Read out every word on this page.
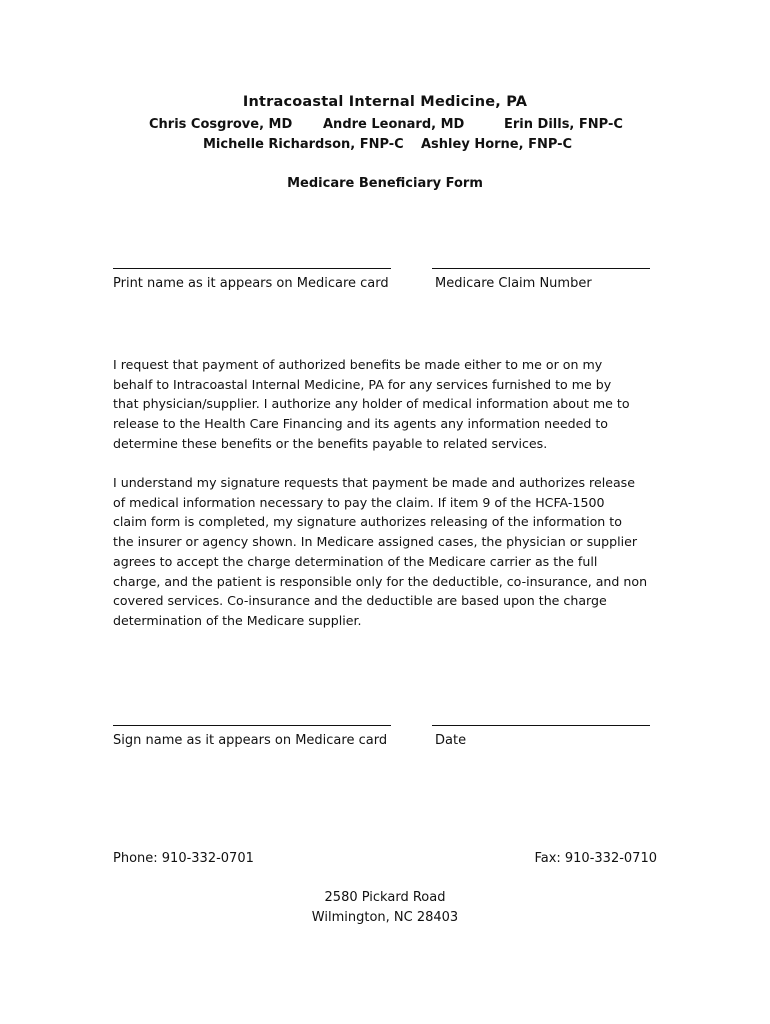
Intracoastal Internal Medicine, PA
Chris Cosgrove, MD Andre Leonard, MD	Erin Dills, FNP-C
Michelle Richardson, FNP-C Ashley Horne, FNP-C
Medicare Beneficiary Form
Print name as it appears on Medicare card	Medicare Claim Number
I request that payment of authorized benefits be made either to me or on my
behalf to Intracoastal Internal Medicine, PA for any services furnished to me by
that physician/supplier. I authorize any holder of medical information about me to
release to the Health Care Financing and its agents any information needed to
determine these benefits or the benefits payable to related services.
I understand my signature requests that payment be made and authorizes release
of medical information necessary to pay the claim. If item 9 of the HCFA-1500
claim form is completed, my signature authorizes releasing of the information to
the insurer or agency shown. In Medicare assigned cases, the physician or supplier
agrees to accept the charge determination of the Medicare carrier as the full
charge, and the patient is responsible only for the deductible, co-insurance, and non
covered services. Co-insurance and the deductible are based upon the charge
determination of the Medicare supplier.
Sign name as it appears on Medicare card	Date
Phone: 910-332-0701	Fax: 910-332-0710
2580 Pickard Road
Wilmington, NC 28403
